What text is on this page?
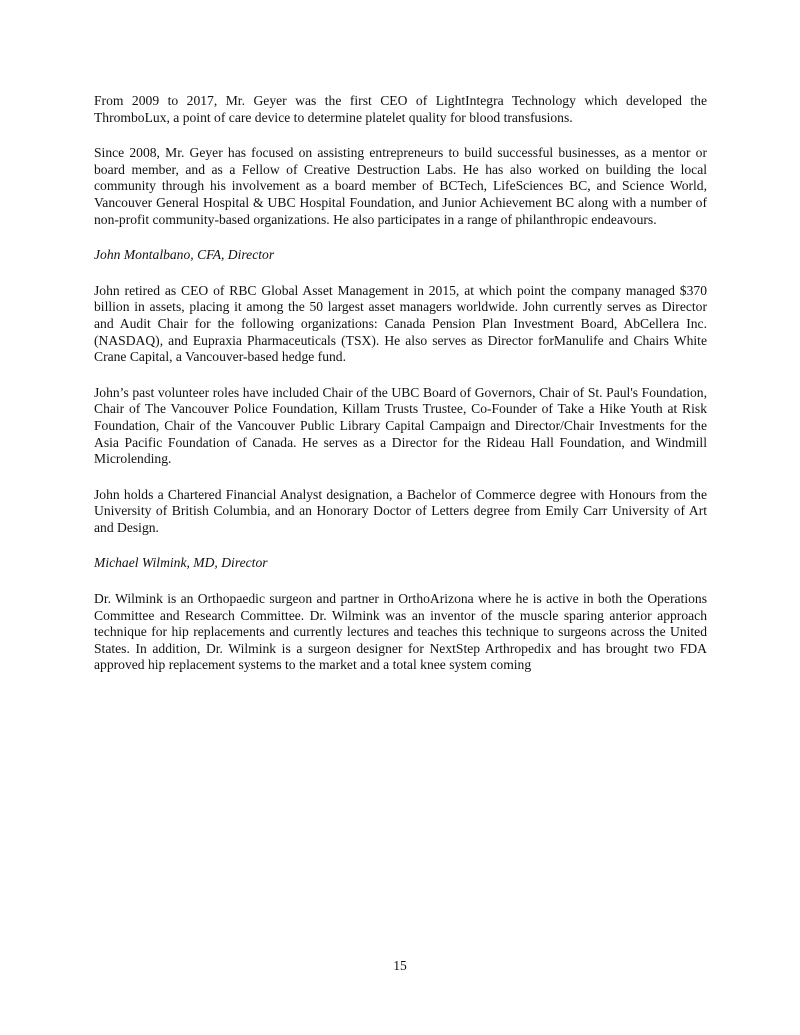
From 2009 to 2017, Mr. Geyer was the first CEO of LightIntegra Technology which developed the ThromboLux, a point of care device to determine platelet quality for blood transfusions.

Since 2008, Mr. Geyer has focused on assisting entrepreneurs to build successful businesses, as a mentor or board member, and as a Fellow of Creative Destruction Labs. He has also worked on building the local community through his involvement as a board member of BCTech, LifeSciences BC, and Science World, Vancouver General Hospital & UBC Hospital Foundation, and Junior Achievement BC along with a number of non-profit community-based organizations. He also participates in a range of philanthropic endeavours.

John Montalbano, CFA, Director

John retired as CEO of RBC Global Asset Management in 2015, at which point the company managed $370 billion in assets, placing it among the 50 largest asset managers worldwide. John currently serves as Director and Audit Chair for the following organizations: Canada Pension Plan Investment Board, AbCellera Inc. (NASDAQ), and Eupraxia Pharmaceuticals (TSX). He also serves as Director forManulife and Chairs White Crane Capital, a Vancouver-based hedge fund.

John’s past volunteer roles have included Chair of the UBC Board of Governors, Chair of St. Paul's Foundation, Chair of The Vancouver Police Foundation, Killam Trusts Trustee, Co-Founder of Take a Hike Youth at Risk Foundation, Chair of the Vancouver Public Library Capital Campaign and Director/Chair Investments for the Asia Pacific Foundation of Canada. He serves as a Director for the Rideau Hall Foundation, and Windmill Microlending.

John holds a Chartered Financial Analyst designation, a Bachelor of Commerce degree with Honours from the University of British Columbia, and an Honorary Doctor of Letters degree from Emily Carr University of Art and Design.

Michael Wilmink, MD, Director

Dr. Wilmink is an Orthopaedic surgeon and partner in OrthoArizona where he is active in both the Operations Committee and Research Committee. Dr. Wilmink was an inventor of the muscle sparing anterior approach technique for hip replacements and currently lectures and teaches this technique to surgeons across the United States. In addition, Dr. Wilmink is a surgeon designer for NextStep Arthropedix and has brought two FDA approved hip replacement systems to the market and a total knee system coming

15
